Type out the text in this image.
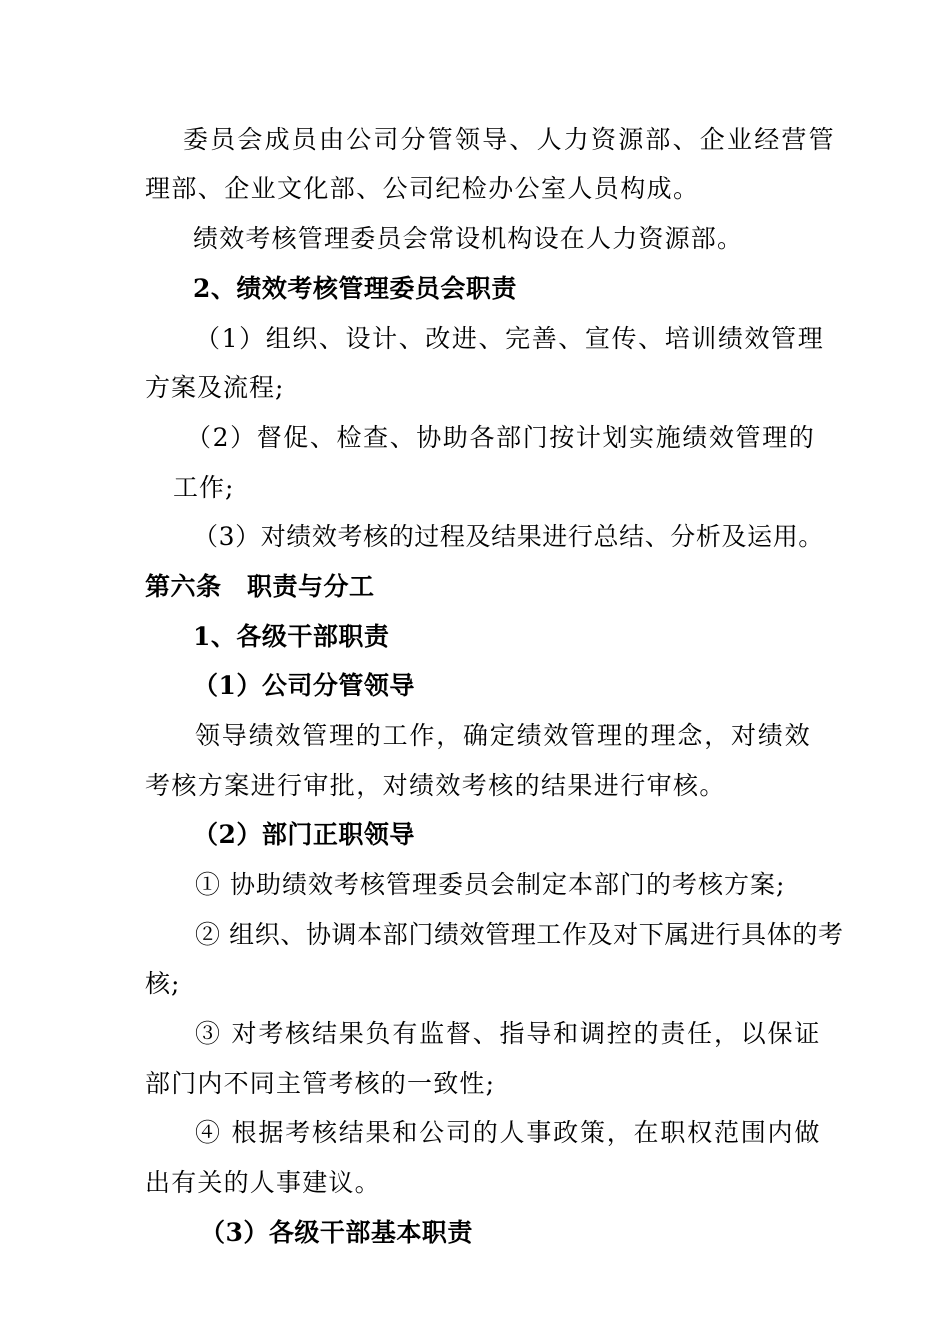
委员会成员由公司分管领导、人力资源部、企业经营管
理部、企业文化部、公司纪检办公室人员构成。
绩效考核管理委员会常设机构设在人力资源部。
2、绩效考核管理委员会职责
（1）组织、设计、改进、完善、宣传、培训绩效管理
方案及流程;
（2）督促、检查、协助各部门按计划实施绩效管理的
工作;
（3）对绩效考核的过程及结果进行总结、分析及运用。
第六条　职责与分工
1、各级干部职责
（1）公司分管领导
领导绩效管理的工作，确定绩效管理的理念，对绩效
考核方案进行审批，对绩效考核的结果进行审核。
（2）部门正职领导
① 协助绩效考核管理委员会制定本部门的考核方案;
② 组织、协调本部门绩效管理工作及对下属进行具体的考
核;
③ 对考核结果负有监督、指导和调控的责任，以保证
部门内不同主管考核的一致性;
④ 根据考核结果和公司的人事政策，在职权范围内做
出有关的人事建议。
（3）各级干部基本职责
